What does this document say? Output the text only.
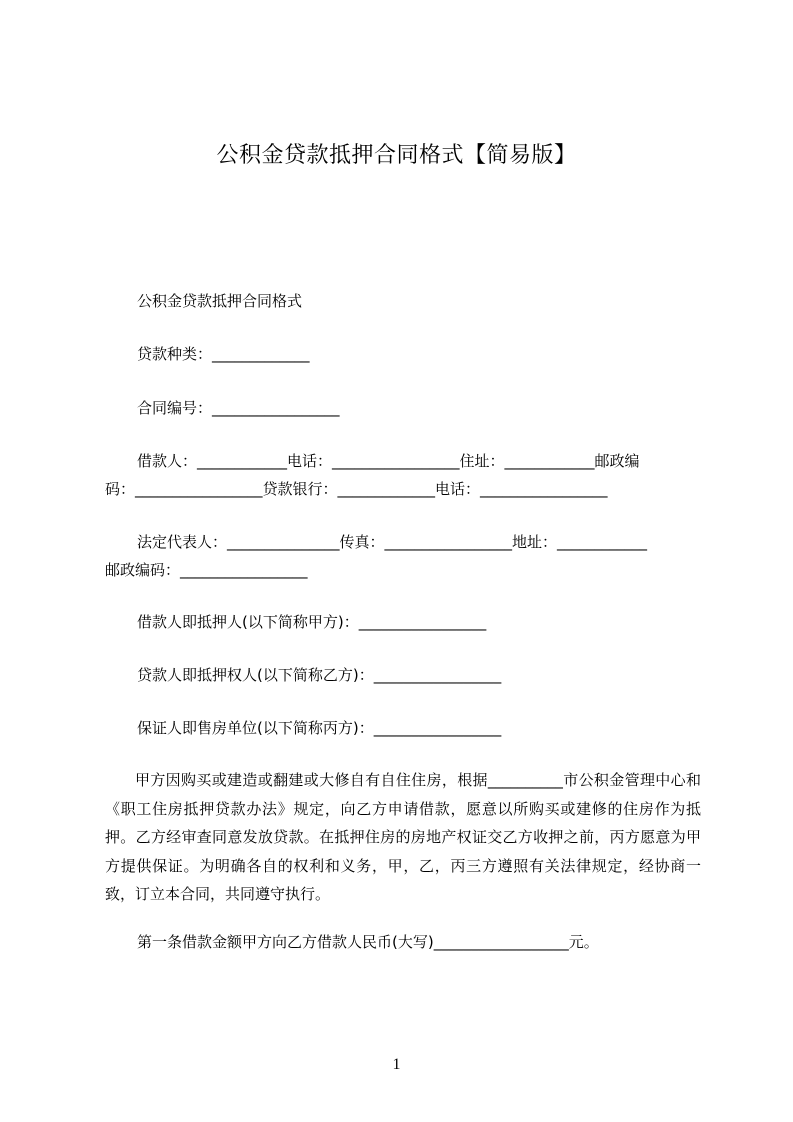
公积金贷款抵押合同格式【简易版】
公积金贷款抵押合同格式
贷款种类：_____________
合同编号：_________________
借款人：____________电话：_________________住址：____________邮政编
码：_________________贷款银行：_____________电话：_________________
法定代表人：_______________传真：_________________地址：____________
邮政编码：_________________
借款人即抵押人(以下简称甲方)：_________________
贷款人即抵押权人(以下简称乙方)：_________________
保证人即售房单位(以下简称丙方)：_________________
甲方因购买或建造或翻建或大修自有自住住房，根据__________市公积金管理中心和《职工住房抵押贷款办法》规定，向乙方申请借款，愿意以所购买或建修的住房作为抵押。乙方经审查同意发放贷款。在抵押住房的房地产权证交乙方收押之前，丙方愿意为甲方提供保证。为明确各自的权利和义务，甲，乙，丙三方遵照有关法律规定，经协商一致，订立本合同，共同遵守执行。
第一条借款金额甲方向乙方借款人民币(大写)__________________元。
1
